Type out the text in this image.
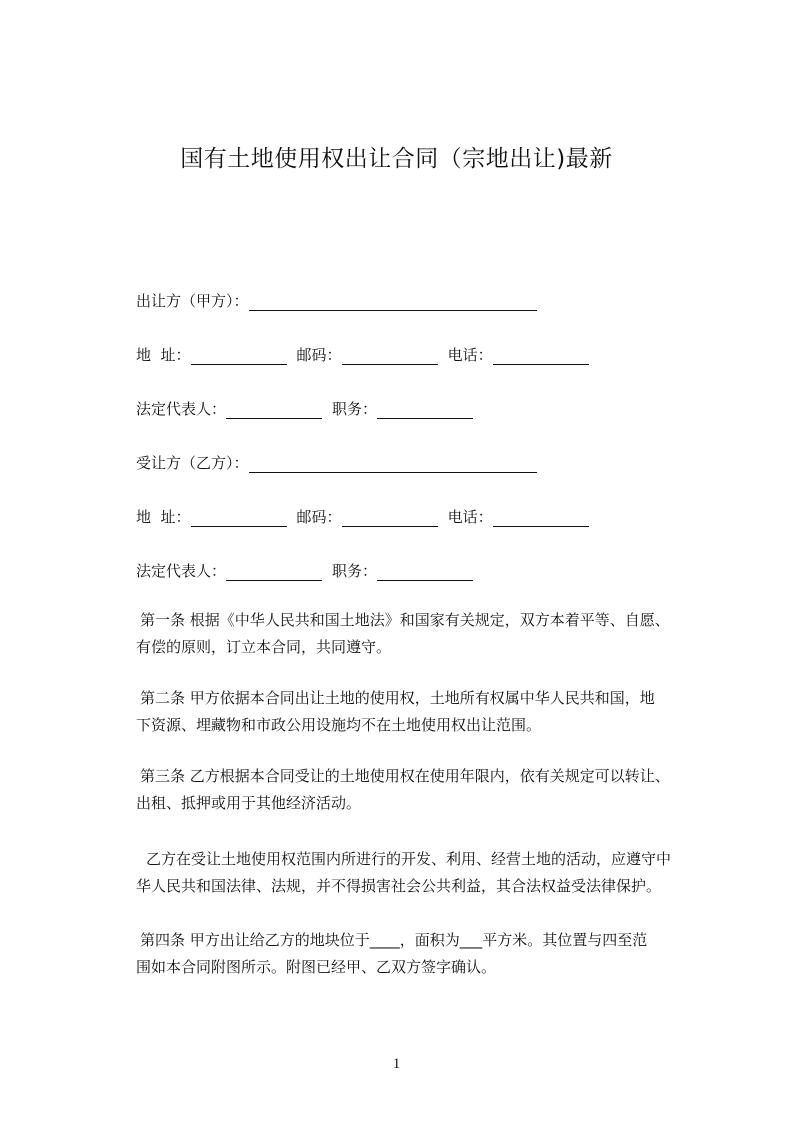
国有土地使用权出让合同（宗地出让)最新
出让方（甲方）：
地  址：	邮码：	电话：
法定代表人：	职务：
受让方（乙方）：
地  址：	邮码：	电话：
法定代表人：	职务：
第一条 根据《中华人民共和国土地法》和国家有关规定，双方本着平等、自愿、
有偿的原则，订立本合同，共同遵守。
第二条 甲方依据本合同出让土地的使用权，土地所有权属中华人民共和国，地
下资源、埋藏物和市政公用设施均不在土地使用权出让范围。
第三条 乙方根据本合同受让的土地使用权在使用年限内，依有关规定可以转让、
出租、抵押或用于其他经济活动。
乙方在受让土地使用权范围内所进行的开发、利用、经营土地的活动，应遵守中
华人民共和国法律、法规，并不得损害社会公共利益，其合法权益受法律保护。
第四条 甲方出让给乙方的地块位于____，面积为___平方米。其位置与四至范
围如本合同附图所示。附图已经甲、乙双方签字确认。
1
